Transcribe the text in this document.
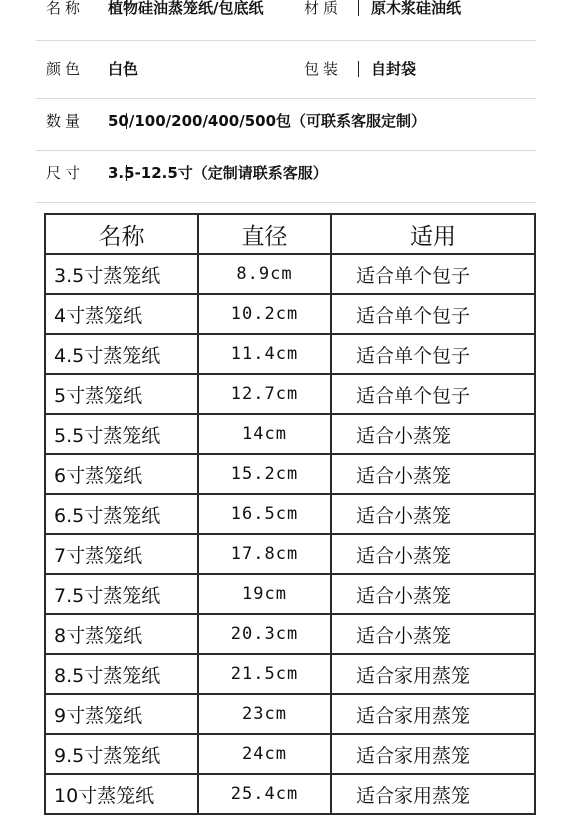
名称 植物硅油蒸笼纸/包底纸	材质 原木浆硅油纸
颜色 白色	包装 自封袋
数量 50/100/200/400/500包（可联系客服定制）
尺寸 3.5-12.5寸（定制请联系客服）
名称	直径	适用
3.5寸蒸笼纸	8.9cm	适合单个包子
4寸蒸笼纸	10.2cm	适合单个包子
4.5寸蒸笼纸	11.4cm	适合单个包子
5寸蒸笼纸	12.7cm	适合单个包子
5.5寸蒸笼纸	14cm	适合小蒸笼
6寸蒸笼纸	15.2cm	适合小蒸笼
6.5寸蒸笼纸	16.5cm	适合小蒸笼
7寸蒸笼纸	17.8cm	适合小蒸笼
7.5寸蒸笼纸	19cm	适合小蒸笼
8寸蒸笼纸	20.3cm	适合小蒸笼
8.5寸蒸笼纸	21.5cm	适合家用蒸笼
9寸蒸笼纸	23cm	适合家用蒸笼
9.5寸蒸笼纸	24cm	适合家用蒸笼
10寸蒸笼纸	25.4cm	适合家用蒸笼
